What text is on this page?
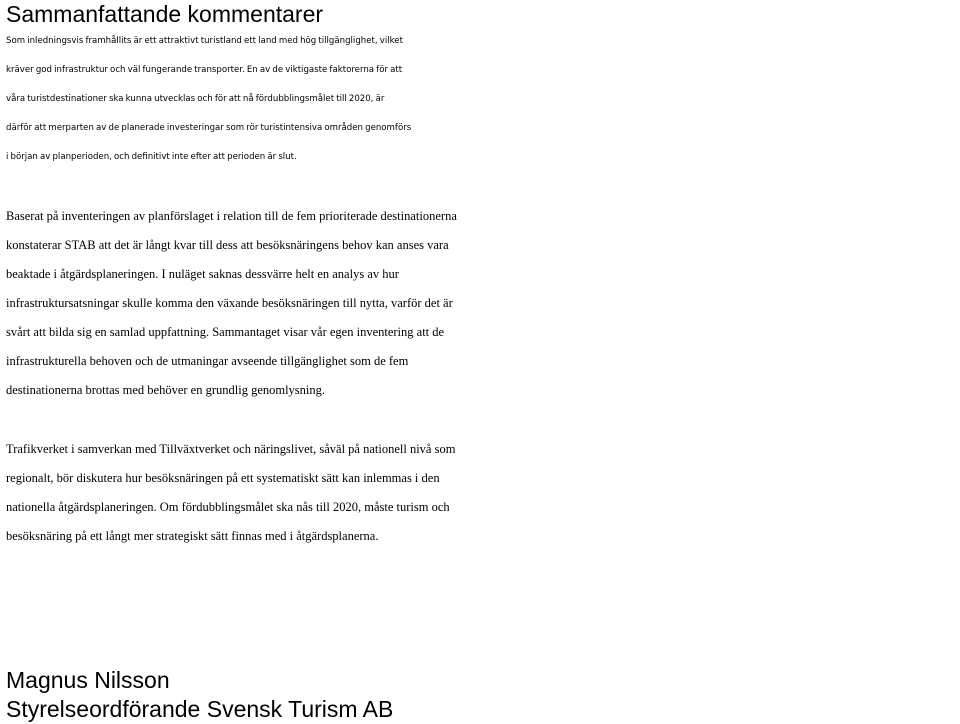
Sammanfattande kommentarer

Som inledningsvis framhållits är ett attraktivt turistland ett land med hög tillgänglighet, vilket
kräver god infrastruktur och väl fungerande transporter. En av de viktigaste faktorerna för att
våra turistdestinationer ska kunna utvecklas och för att nå fördubblingsmålet till 2020, är
därför att merparten av de planerade investeringar som rör turistintensiva områden genomförs
i början av planperioden, och definitivt inte efter att perioden är slut.

Baserat på inventeringen av planförslaget i relation till de fem prioriterade destinationerna
konstaterar STAB att det är långt kvar till dess att besöksnäringens behov kan anses vara
beaktade i åtgärdsplaneringen. I nuläget saknas dessvärre helt en analys av hur
infrastruktursatsningar skulle komma den växande besöksnäringen till nytta, varför det är
svårt att bilda sig en samlad uppfattning. Sammantaget visar vår egen inventering att de
infrastrukturella behoven och de utmaningar avseende tillgänglighet som de fem
destinationerna brottas med behöver en grundlig genomlysning.

Trafikverket i samverkan med Tillväxtverket och näringslivet, såväl på nationell nivå som
regionalt, bör diskutera hur besöksnäringen på ett systematiskt sätt kan inlemmas i den
nationella åtgärdsplaneringen. Om fördubblingsmålet ska nås till 2020, måste turism och
besöksnäring på ett långt mer strategiskt sätt finnas med i åtgärdsplanerna.

Magnus Nilsson
Styrelseordförande Svensk Turism AB
